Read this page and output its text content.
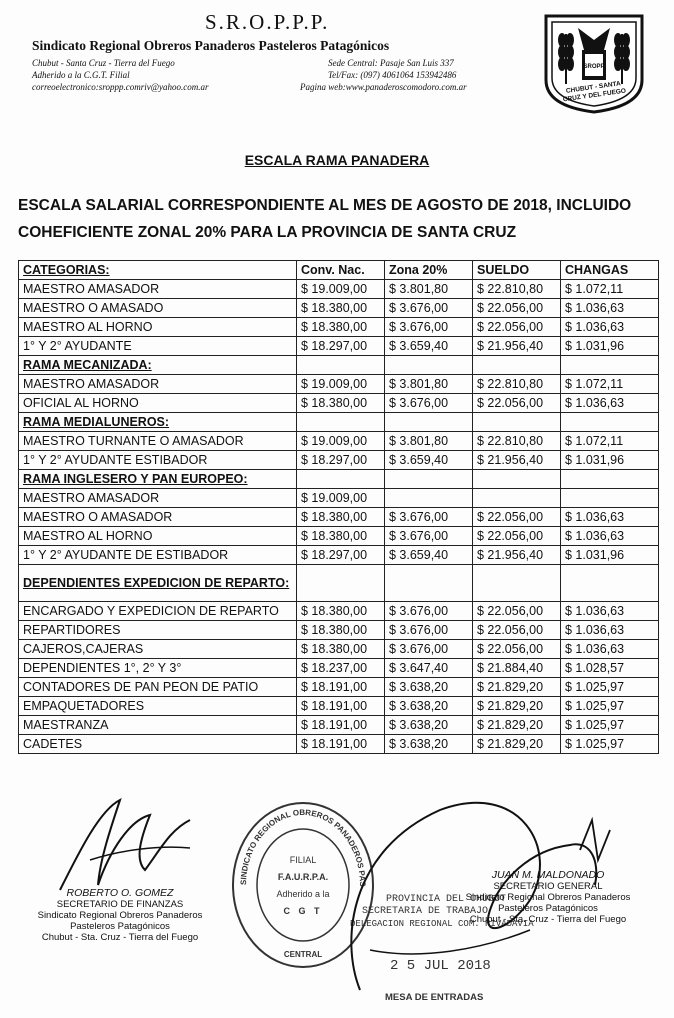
S.R.O.P.P.P.
Sindicato Regional Obreros Panaderos Pasteleros Patagónicos
Chubut - Santa Cruz - Tierra del Fuego
Adherido a la C.G.T. Filial
correoelectronico:sroppp.comriv@yahoo.com.ar
Sede Central: Pasaje San Luis 337
Tel/Fax: (097) 4061064 153942486
Pagina web:www.panaderoscomodoro.com.ar
SROPP
CHUBUT - SANTA CRUZ Y DEL FUEGO
ESCALA RAMA PANADERA
ESCALA SALARIAL CORRESPONDIENTE AL MES DE AGOSTO DE 2018, INCLUIDO
COHEFICIENTE ZONAL 20% PARA LA PROVINCIA DE SANTA CRUZ
CATEGORIAS:	Conv. Nac.	Zona 20%	SUELDO	CHANGAS
MAESTRO AMASADOR	$ 19.009,00	$ 3.801,80	$ 22.810,80	$ 1.072,11
MAESTRO O AMASADO	$ 18.380,00	$ 3.676,00	$ 22.056,00	$ 1.036,63
MAESTRO AL HORNO	$ 18.380,00	$ 3.676,00	$ 22.056,00	$ 1.036,63
1° Y 2° AYUDANTE	$ 18.297,00	$ 3.659,40	$ 21.956,40	$ 1.031,96
RAMA MECANIZADA:				
MAESTRO AMASADOR	$ 19.009,00	$ 3.801,80	$ 22.810,80	$ 1.072,11
OFICIAL AL HORNO	$ 18.380,00	$ 3.676,00	$ 22.056,00	$ 1.036,63
RAMA MEDIALUNEROS:				
MAESTRO TURNANTE O AMASADOR	$ 19.009,00	$ 3.801,80	$ 22.810,80	$ 1.072,11
1° Y 2° AYUDANTE ESTIBADOR	$ 18.297,00	$ 3.659,40	$ 21.956,40	$ 1.031,96
RAMA INGLESERO Y PAN EUROPEO:				
MAESTRO AMASADOR	$ 19.009,00			
MAESTRO O AMASADOR	$ 18.380,00	$ 3.676,00	$ 22.056,00	$ 1.036,63
MAESTRO AL HORNO	$ 18.380,00	$ 3.676,00	$ 22.056,00	$ 1.036,63
1° Y 2° AYUDANTE DE ESTIBADOR	$ 18.297,00	$ 3.659,40	$ 21.956,40	$ 1.031,96
DEPENDIENTES EXPEDICION DE REPARTO:				
ENCARGADO Y EXPEDICION DE REPARTO	$ 18.380,00	$ 3.676,00	$ 22.056,00	$ 1.036,63
REPARTIDORES	$ 18.380,00	$ 3.676,00	$ 22.056,00	$ 1.036,63
CAJEROS,CAJERAS	$ 18.380,00	$ 3.676,00	$ 22.056,00	$ 1.036,63
DEPENDIENTES 1°, 2° Y 3°	$ 18.237,00	$ 3.647,40	$ 21.884,40	$ 1.028,57
CONTADORES DE PAN PEON DE PATIO	$ 18.191,00	$ 3.638,20	$ 21.829,20	$ 1.025,97
EMPAQUETADORES	$ 18.191,00	$ 3.638,20	$ 21.829,20	$ 1.025,97
MAESTRANZA	$ 18.191,00	$ 3.638,20	$ 21.829,20	$ 1.025,97
CADETES	$ 18.191,00	$ 3.638,20	$ 21.829,20	$ 1.025,97
ROBERTO O. GOMEZ
SECRETARIO DE FINANZAS
Sindicato Regional Obreros Panaderos
Pasteleros Patagónicos
Chubut - Sta. Cruz - Tierra del Fuego
SINDICATO REGIONAL OBREROS PANADEROS PAS
FILIAL
F.A.U.R.P.A.
Adherido a la
C G T
CENTRAL
PROVINCIA DEL CHUBUT
SECRETARIA DE TRABAJO
DELEGACION REGIONAL COM. RIVADAVIA
2 5 JUL 2018
MESA DE ENTRADAS
JUAN M. MALDONADO
SECRETARIO GENERAL
Sindicato Regional Obreros Panaderos
Pasteleros Patagónicos
Chubut - Sta. Cruz - Tierra del Fuego
